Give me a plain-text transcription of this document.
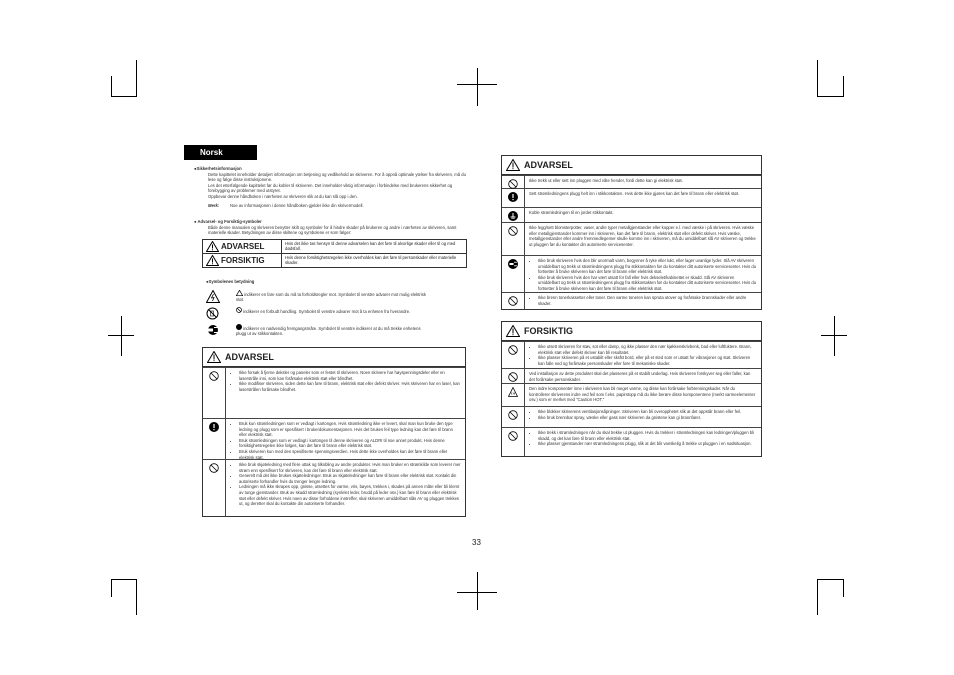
Norsk
●Sikkerhetsinformasjon
Dette kapittelet inneholder detaljert informasjon om betjening og vedlikehold av skriveren. For å oppnå optimale ytelser fra skriveren, må du lese og følge disse instruksjonene.
Les det etterfølgende kapittelet før du kobler til skriveren. Det inneholder viktig informasjon i forbindelse med brukerens sikkerhet og forebygging av problemer med utstyret.
Oppbevar denne håndboken i nærheten av skriveren slik at du kan slå opp i den.
Merk:	Noe av informasjonen i denne håndboken gjelder ikke din skrivermodell.
● Advarsel- og Forsiktig-symboler
Både denne manualen og skriveren benytter skilt og symboler for å hindre skader på brukeren og andre i nærheten av skriveren, samt materielle skader. Betydningen av disse skiltene og symbolene er som følger:
ADVARSEL	Hvis det ikke tas hensyn til denne advarselen kan det føre til alvorlige skader eller til og med dødsfall.
FORSIKTIG	Hvis denne forsiktighetsregelen ikke overholdes kan det føre til personskader eller materielle skader.
●Symbolenes betydning
indikerer en fare som du må ta forholdsregler mot. Symbolet til venstre advarer mot mulig elektrisk støt.
indikerer en forbudt handling. Symbolet til venstre advarer mot å ta enheten fra hverandre.
indikerer en nødvendig fremgangsmåte. Symbolet til venstre indikerer at du må trekke enhetens plugg ut av stikkontakten.
ADVARSEL
• Ikke forsøk å fjerne deksler og paneler som er festet til skriveren. Noen skrivere har høyspenningsdeler eller en laserstråle inni, som kan forårsake elektrisk støt eller blindhet.
• Ikke modifiser skriveren, siden dette kan føre til brann, elektrisk støt eller defekt skriver. Hvis skriveren har en laser, kan laserstrålen forårsake blindhet.
• Bruk kun strømledningen som er vedlagt i kartongen. Hvis strømledning ikke er levert, skal man kun bruke den type ledning og plugg som er spesifisert i brukerdokumentasjonen. Hvis det brukes feil type ledning kan det føre til brann eller elektrisk støt.
• Bruk strømledningen som er vedlagt i kartongen til denne skriveren og ALDRI til noe annet produkt. Hvis denne forsiktighetsregelen ikke følges, kan det føre til brann eller elektrisk støt.
• Bruk skriveren kun med den spesifiserte spenningsverdien. Hvis dette ikke overholdes kan det føre til brann eller elektrisk støt.
• Ikke bruk skjøteledning med flere uttak og tilkobling av andre produkter. Hvis man bruker en strømkilde som leverer mer strøm enn spesifisert for skriveren, kan det føre til brann eller elektrisk støt.
• Generelt må det ikke brukes skjøteledninger. Bruk av skjøteledninger kan føre til brann eller elektrisk støt. Kontakt din autoriserte forhandler hvis du trenger lengre ledning.
• Ledningen må ikke skrapes opp, gnisse, utsettes for varme, vris, bøyes, trekkes i, skades på annen måte eller bli klemt av tunge gjenstander. Bruk av skadd strømledning (synlelet leder, brudd på leder osv.) kan føre til brann eller elektrisk støt eller defekt skriver. Hvis noen av disse forholdene inntreffer, skal skriveren umiddelbart slås AV og pluggen trekkes ut, og deretter skal du kontakte din autoriserte forhandler.
ADVARSEL
Ikke trekk ut eller sett inn pluggen med våte hender, fordi dette kan gi elektrisk støt.
Sett strømledningens plugg helt inn i stikkontakten. Hvis dette ikke gjøres kan det føre til brann eller elektrisk støt.
Koble strømledningen til en jordet stikkontakt.
Ikke legg/sett blomsterpotter, vaser, andre typer metallgjenstander eller kopper e.l. med væske i på skriveren. Hvis væske eller metallgjenstander kommer inn i skriveren, kan det føre til brann, elektrisk støt eller defekt skriver. Hvis væske, metallgjenstander eller andre fremmedlegemer skulle komme inn i skriveren, må du umiddelbart slå AV skriveren og trekke ut pluggen før du kontakter din autoriserte servicesenter.
• Ikke bruk skriveren hvis den blir unormalt varm, begynner å ryke eller lukt, eller lager uvanlige lyder. Slå AV skriveren umiddelbart og trekk ut strømledningens plugg fra stikkontakten før du kontakter ditt autoriserte servicesenter. Hvis du fortsetter å bruke skriveren kan det føre til brann eller elektrisk støt.
• Ikke bruk skriveren hvis den har vært utsatt for fall eller hvis dekselet/kabinettet er skadd. Slå AV skriveren umiddelbart og trekk ut strømledningens plugg fra stikkontakten før du kontakter ditt autoriserte servicesenter. Hvis du fortsetter å bruke skriveren kan det føre til brann eller elektrisk støt.
• Ikke brenn tonerkassetter eller toner. Den varme toneren kan spruta utover og forårsake brannskader eller andre skader.
FORSIKTIG
• Ikke utsett skriveren for støv, sot eller damp, og ikke plasser den nær kjøkkenskrivbenk, bad eller luftfuktere. Brann, elektrisk støt eller defekt skriver kan bli resultatet.
• Ikke plasser skriveren på et ustabilt eller skrått bord, eller på et sted som er utsatt for vibrasjoner og støt. Skriveren kan falle ned og forårsake personskader eller føre til mekaniske skader.
Ved installasjon av dette produktet skal det plasseres på et stabilt underlag. Hvis skriveren forskyver seg eller faller, kan det forårsake personskader.
Den indre komponenter inne i skriveren kan bli meget varme, og disse kan forårsake forbrenningskader. Når du kontrollerer skriverens indre ved feil som f.eks. papirstopp må du ikke berøre disse komponentene (merkt varmeelementer osv.) som er merket med "Caution HOT."
• Ikke blokker skriverens ventilasjonsåpninger. Skriveren kan bli overopphetet slik at det oppstår brann eller feil.
• Ikke bruk brennbar spray, væske eller gass nær skriveren da gnistene kan gi brannfarer.
• Ikke trekk i strømledningen når du skal trekke ut pluggen. Hvis du trekker i strømledningen kan ledningen/pluggen bli skadd, og det kan føre til brann eller elektrisk støt.
• Ikke plasser gjenstander nær strømledningens plugg, slik at det blir vanskelig å trekke ut pluggen i en nødsituasjon.
33
